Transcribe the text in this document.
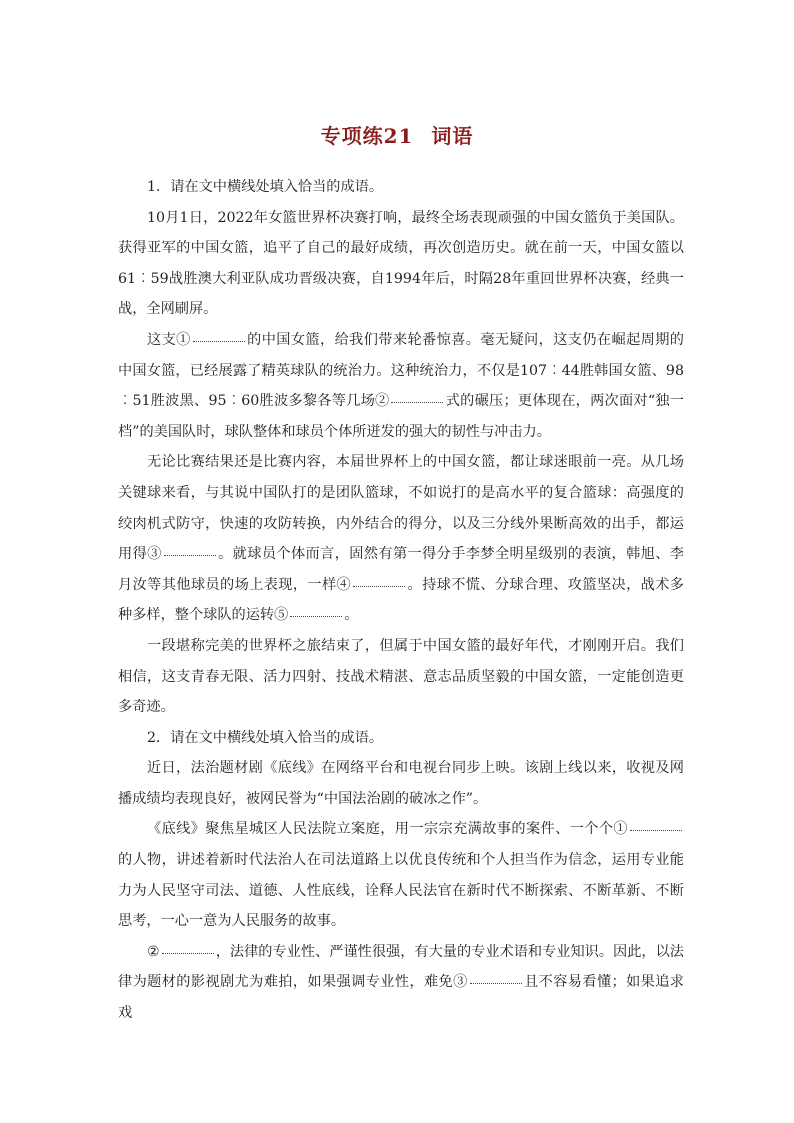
专项练21 词语

1．请在文中横线处填入恰当的成语。

10月1日，2022年女篮世界杯决赛打响，最终全场表现顽强的中国女篮负于美国队。获得亚军的中国女篮，追平了自己的最好成绩，再次创造历史。就在前一天，中国女篮以61︰59战胜澳大利亚队成功晋级决赛，自1994年后，时隔28年重回世界杯决赛，经典一战，全网刷屏。

这支①	的中国女篮，给我们带来轮番惊喜。毫无疑问，这支仍在崛起周期的中国女篮，已经展露了精英球队的统治力。这种统治力，不仅是107︰44胜韩国女篮、98︰51胜波黑、95︰60胜波多黎各等几场②	式的碾压；更体现在，两次面对“独一档”的美国队时，球队整体和球员个体所迸发的强大的韧性与冲击力。

无论比赛结果还是比赛内容，本届世界杯上的中国女篮，都让球迷眼前一亮。从几场关键球来看，与其说中国队打的是团队篮球，不如说打的是高水平的复合篮球：高强度的绞肉机式防守，快速的攻防转换，内外结合的得分，以及三分线外果断高效的出手，都运用得③	。就球员个体而言，固然有第一得分手李梦全明星级别的表演，韩旭、李月汝等其他球员的场上表现，一样④	。持球不慌、分球合理、攻篮坚决，战术多种多样，整个球队的运转⑤	。

一段堪称完美的世界杯之旅结束了，但属于中国女篮的最好年代，才刚刚开启。我们相信，这支青春无限、活力四射、技战术精湛、意志品质坚毅的中国女篮，一定能创造更多奇迹。

2．请在文中横线处填入恰当的成语。

近日，法治题材剧《底线》在网络平台和电视台同步上映。该剧上线以来，收视及网播成绩均表现良好，被网民誉为“中国法治剧的破冰之作”。

《底线》聚焦星城区人民法院立案庭，用一宗宗充满故事的案件、一个个①的人物，讲述着新时代法治人在司法道路上以优良传统和个人担当作为信念，运用专业能力为人民坚守司法、道德、人性底线，诠释人民法官在新时代不断探索、不断革新、不断思考，一心一意为人民服务的故事。

②	，法律的专业性、严谨性很强，有大量的专业术语和专业知识。因此，以法律为题材的影视剧尤为难拍，如果强调专业性，难免③	且不容易看懂；如果追求戏
